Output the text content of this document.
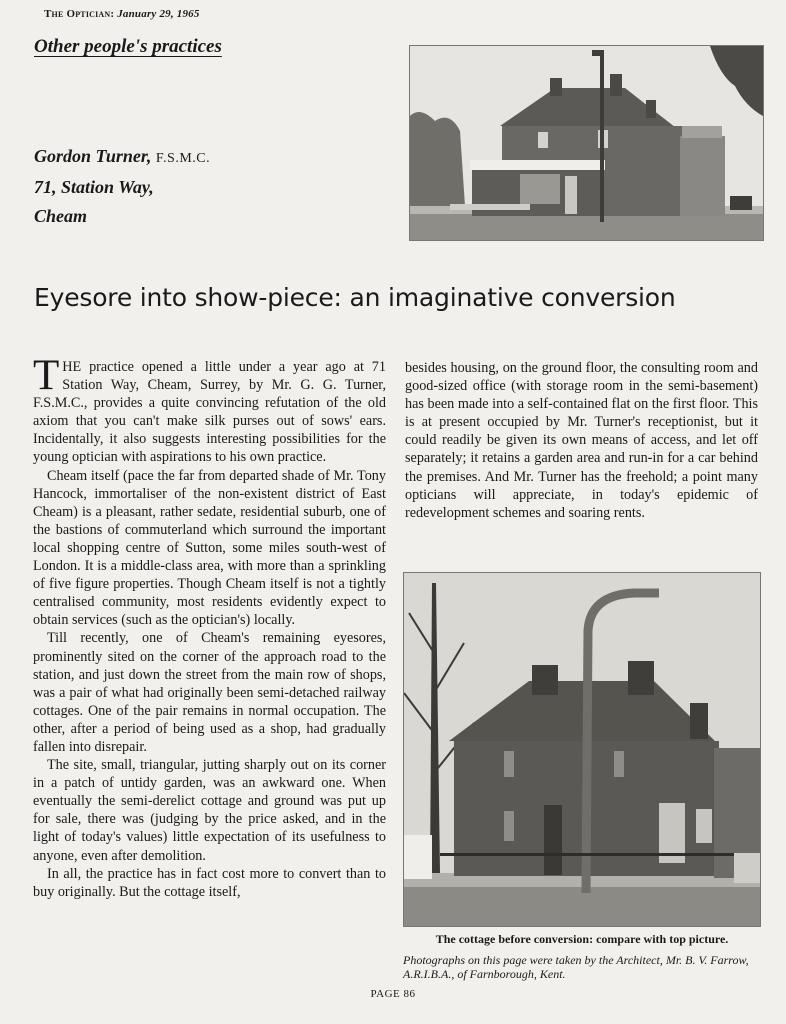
The Optician: January 29, 1965
Other people's practices
Gordon Turner, F.S.M.C.
71, Station Way,
Cheam
Eyesore into show-piece: an imaginative conversion

THE practice opened a little under a year ago at 71 Station Way, Cheam, Surrey, by Mr. G. G. Turner, F.S.M.C., provides a quite convincing refutation of the old axiom that you can't make silk purses out of sows' ears. Incidentally, it also suggests interesting possibilities for the young optician with aspirations to his own practice.

Cheam itself (pace the far from departed shade of Mr. Tony Hancock, immortaliser of the non-existent district of East Cheam) is a pleasant, rather sedate, residential suburb, one of the bastions of commuterland which surround the important local shopping centre of Sutton, some miles south-west of London. It is a middle-class area, with more than a sprinkling of five figure properties. Though Cheam itself is not a tightly centralised community, most residents evidently expect to obtain services (such as the optician's) locally.

Till recently, one of Cheam's remaining eyesores, prominently sited on the corner of the approach road to the station, and just down the street from the main row of shops, was a pair of what had originally been semi-detached railway cottages. One of the pair remains in normal occupation. The other, after a period of being used as a shop, had gradually fallen into disrepair.

The site, small, triangular, jutting sharply out on its corner in a patch of untidy garden, was an awkward one. When eventually the semi-derelict cottage and ground was put up for sale, there was (judging by the price asked, and in the light of today's values) little expectation of its usefulness to anyone, even after demolition.

In all, the practice has in fact cost more to convert than to buy originally. But the cottage itself,

besides housing, on the ground floor, the consulting room and good-sized office (with storage room in the semi-basement) has been made into a self-contained flat on the first floor. This is at present occupied by Mr. Turner's receptionist, but it could readily be given its own means of access, and let off separately; it retains a garden area and run-in for a car behind the premises. And Mr. Turner has the freehold; a point many opticians will appreciate, in today's epidemic of redevelopment schemes and soaring rents.

The cottage before conversion: compare with top picture.
Photographs on this page were taken by the Architect, Mr. B. V. Farrow, A.R.I.B.A., of Farnborough, Kent.
PAGE 86
